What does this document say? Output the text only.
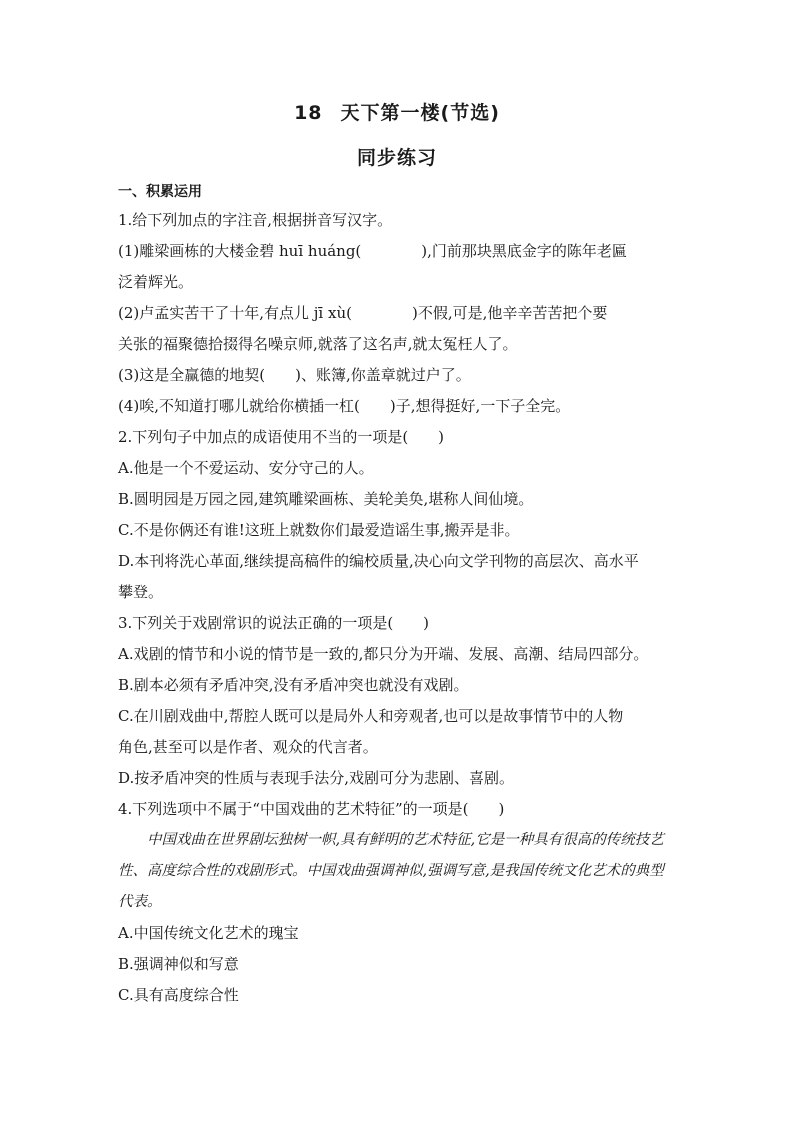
18 天下第一楼(节选)
同步练习
一、积累运用

1.给下列加点的字注音,根据拼音写汉字。

(1)雕梁画栋的大楼金碧 huī huáng(　　　　),门前那块黑底金字的陈年老匾

泛着辉光。

(2)卢孟实苦干了十年,有点儿 jī xù(　　　　)不假,可是,他辛辛苦苦把个要

关张的福聚德拾掇得名噪京师,就落了这名声,就太冤枉人了。

(3)这是全赢德的地契(　　)、账簿,你盖章就过户了。

(4)唉,不知道打哪儿就给你横插一杠(　　)子,想得挺好,一下子全完。

2.下列句子中加点的成语使用不当的一项是(　　)

A.他是一个不爱运动、安分守己的人。

B.圆明园是万园之园,建筑雕梁画栋、美轮美奂,堪称人间仙境。

C.不是你俩还有谁!这班上就数你们最爱造谣生事,搬弄是非。

D.本刊将洗心革面,继续提高稿件的编校质量,决心向文学刊物的高层次、高水平

攀登。

3.下列关于戏剧常识的说法正确的一项是(　　)

A.戏剧的情节和小说的情节是一致的,都只分为开端、发展、高潮、结局四部分。

B.剧本必须有矛盾冲突,没有矛盾冲突也就没有戏剧。

C.在川剧戏曲中,帮腔人既可以是局外人和旁观者,也可以是故事情节中的人物

角色,甚至可以是作者、观众的代言者。

D.按矛盾冲突的性质与表现手法分,戏剧可分为悲剧、喜剧。

4.下列选项中不属于“中国戏曲的艺术特征”的一项是(　　)

中国戏曲在世界剧坛独树一帜,具有鲜明的艺术特征,它是一种具有很高的传统技艺性、高度综合性的戏剧形式。中国戏曲强调神似,强调写意,是我国传统文化艺术的典型代表。

A.中国传统文化艺术的瑰宝

B.强调神似和写意

C.具有高度综合性
